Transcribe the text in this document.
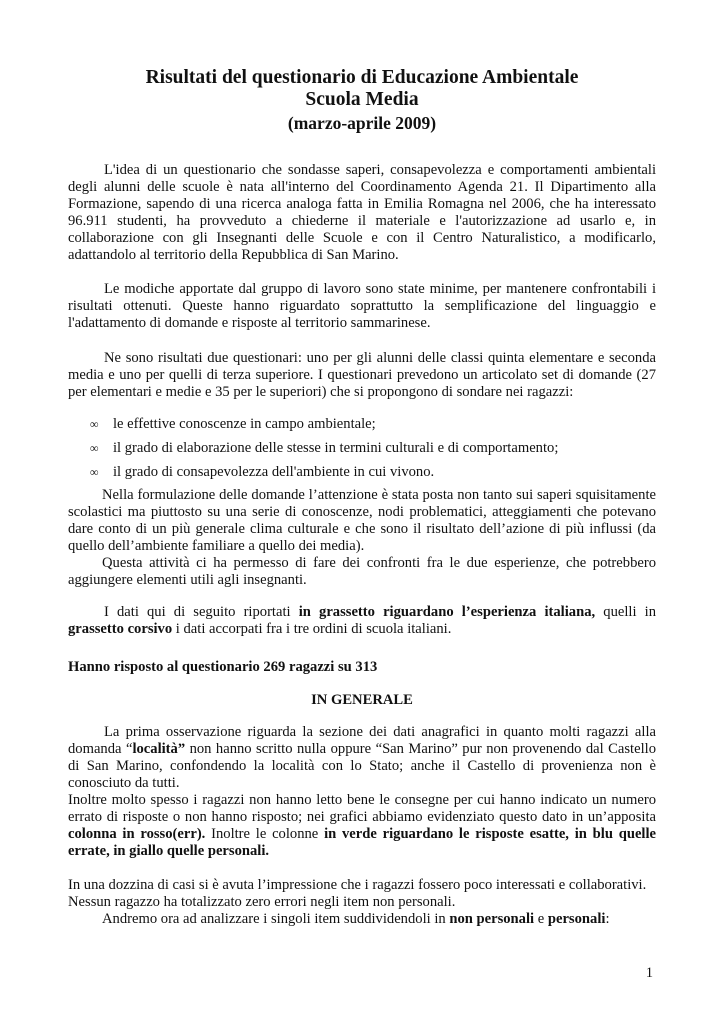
Risultati del questionario di Educazione Ambientale
Scuola Media
(marzo-aprile 2009)
L'idea di un questionario che sondasse saperi, consapevolezza e comportamenti ambientali
degli alunni delle scuole è nata all'interno del Coordinamento Agenda 21. Il Dipartimento alla
Formazione, sapendo di una ricerca analoga fatta in Emilia Romagna nel 2006, che ha interessato
96.911 studenti, ha provveduto a chiederne il materiale e l'autorizzazione ad usarlo e, in
collaborazione con gli Insegnanti delle Scuole e con il Centro Naturalistico, a modificarlo,
adattandolo al territorio della Repubblica di San Marino.
Le modiche apportate dal gruppo di lavoro sono state minime, per mantenere confrontabili i
risultati ottenuti. Queste hanno riguardato soprattutto la semplificazione del linguaggio e
l'adattamento di domande e risposte al territorio sammarinese.
Ne sono risultati due questionari: uno per gli alunni delle classi quinta elementare e seconda
media e uno per quelli di terza superiore. I questionari prevedono un articolato set di domande (27
per elementari e medie e 35 per le superiori) che si propongono di sondare nei ragazzi:
∞ le effettive conoscenze in campo ambientale;
∞ il grado di elaborazione delle stesse in termini culturali e di comportamento;
∞ il grado di consapevolezza dell'ambiente in cui vivono.
Nella formulazione delle domande l’attenzione è stata posta non tanto sui saperi squisitamente
scolastici ma piuttosto su una serie di conoscenze, nodi problematici, atteggiamenti che potevano
dare conto di un più generale clima culturale e che sono il risultato dell’azione di più influssi (da
quello dell’ambiente familiare a quello dei media).
Questa attività ci ha permesso di fare dei confronti fra le due esperienze, che potrebbero
aggiungere elementi utili agli insegnanti.
I dati qui di seguito riportati in grassetto riguardano l’esperienza italiana, quelli in
grassetto corsivo i dati accorpati fra i tre ordini di scuola italiani.
Hanno risposto al questionario 269 ragazzi su 313
IN GENERALE
La prima osservazione riguarda la sezione dei dati anagrafici in quanto molti ragazzi alla
domanda “località” non hanno scritto nulla oppure “San Marino” pur non provenendo dal Castello
di San Marino, confondendo la località con lo Stato; anche il Castello di provenienza non è
conosciuto da tutti.
Inoltre molto spesso i ragazzi non hanno letto bene le consegne per cui hanno indicato un numero
errato di risposte o non hanno risposto; nei grafici abbiamo evidenziato questo dato in un’apposita
colonna in rosso(err). Inoltre le colonne in verde riguardano le risposte esatte, in blu quelle
errate, in giallo quelle personali.
In una dozzina di casi si è avuta l’impressione che i ragazzi fossero poco interessati e collaborativi.
Nessun ragazzo ha totalizzato zero errori negli item non personali.
Andremo ora ad analizzare i singoli item suddividendoli in non personali e personali:
1
